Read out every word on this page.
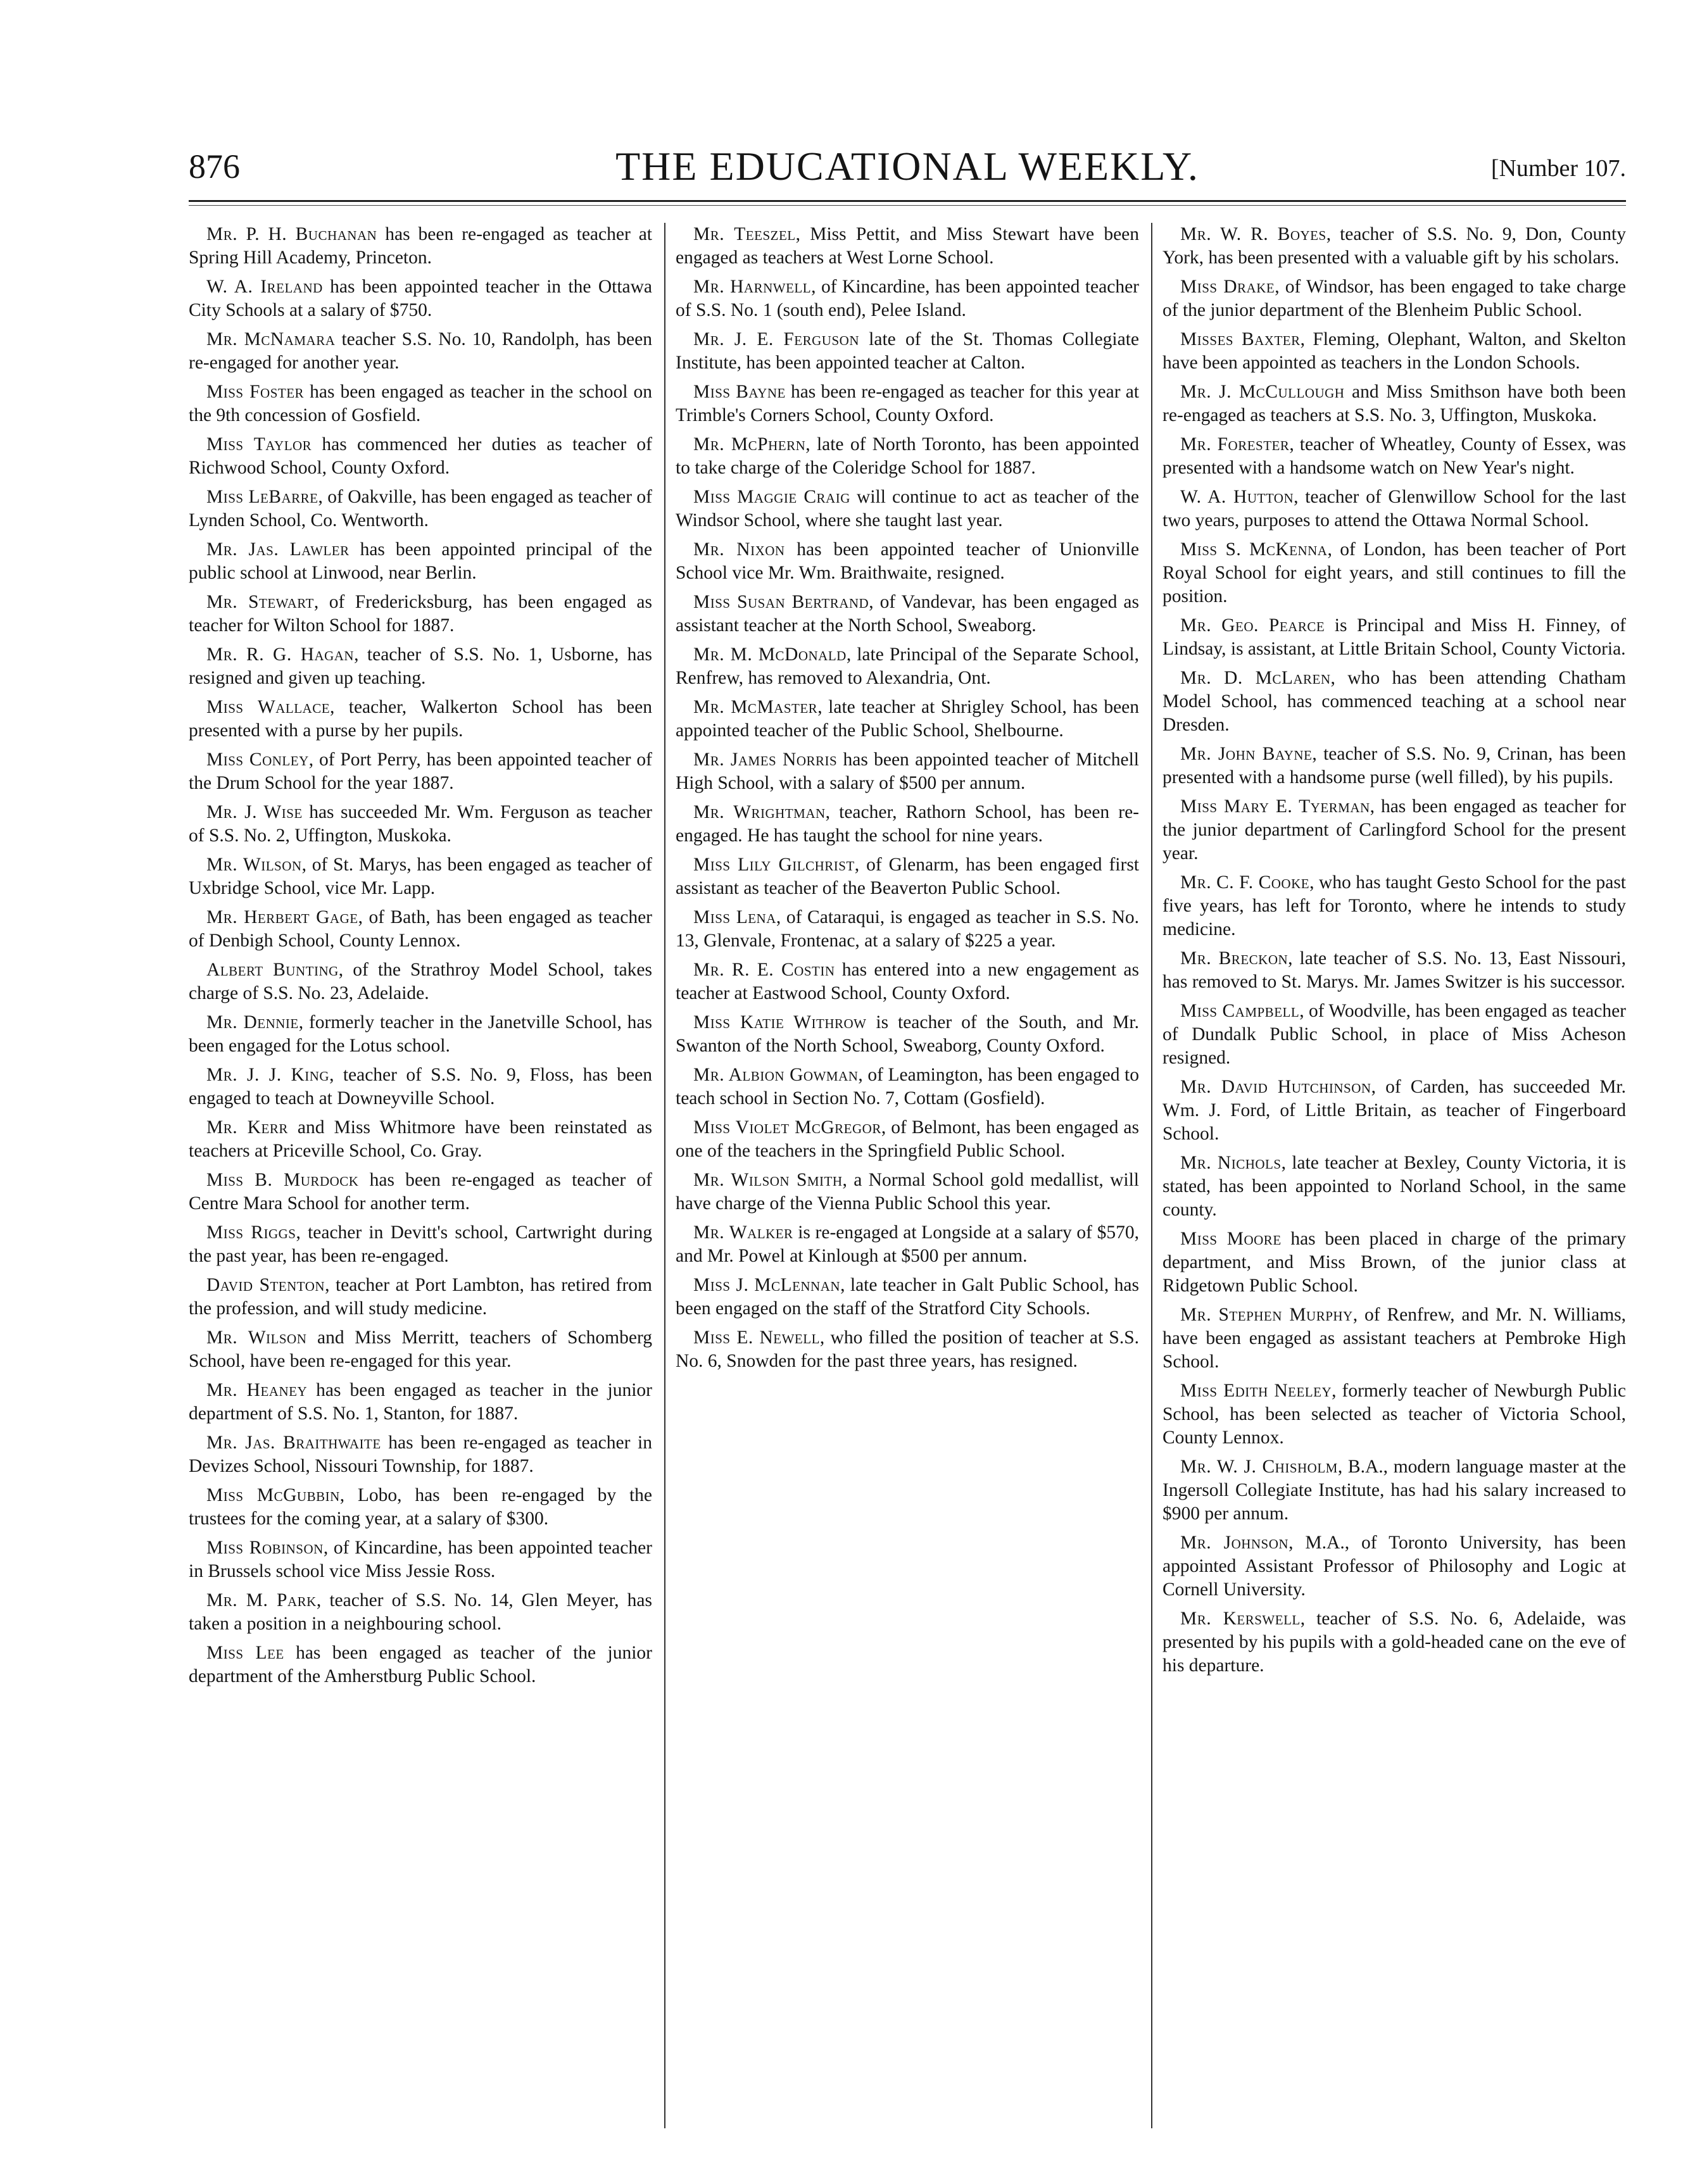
876	THE EDUCATIONAL WEEKLY.	[Number 107.

Mr. P. H. Buchanan has been re-engaged as teacher at Spring Hill Academy, Princeton.

W. A. Ireland has been appointed teacher in the Ottawa City Schools at a salary of $750.

Mr. McNamara teacher S.S. No. 10, Randolph, has been re-engaged for another year.

Miss Foster has been engaged as teacher in the school on the 9th concession of Gosfield.

Miss Taylor has commenced her duties as teacher of Richwood School, County Oxford.

Miss LeBarre, of Oakville, has been engaged as teacher of Lynden School, Co. Wentworth.

Mr. Jas. Lawler has been appointed principal of the public school at Linwood, near Berlin.

Mr. Stewart, of Fredericksburg, has been engaged as teacher for Wilton School for 1887.

Mr. R. G. Hagan, teacher of S.S. No. 1, Usborne, has resigned and given up teaching.

Miss Wallace, teacher, Walkerton School has been presented with a purse by her pupils.

Miss Conley, of Port Perry, has been appointed teacher of the Drum School for the year 1887.

Mr. J. Wise has succeeded Mr. Wm. Ferguson as teacher of S.S. No. 2, Uffington, Muskoka.

Mr. Wilson, of St. Marys, has been engaged as teacher of Uxbridge School, vice Mr. Lapp.

Mr. Herbert Gage, of Bath, has been engaged as teacher of Denbigh School, County Lennox.

Albert Bunting, of the Strathroy Model School, takes charge of S.S. No. 23, Adelaide.

Mr. Dennie, formerly teacher in the Janetville School, has been engaged for the Lotus school.

Mr. J. J. King, teacher of S.S. No. 9, Floss, has been engaged to teach at Downeyville School.

Mr. Kerr and Miss Whitmore have been reinstated as teachers at Priceville School, Co. Gray.

Miss B. Murdock has been re-engaged as teacher of Centre Mara School for another term.

Miss Riggs, teacher in Devitt's school, Cartwright during the past year, has been re-engaged.

David Stenton, teacher at Port Lambton, has retired from the profession, and will study medicine.

Mr. Wilson and Miss Merritt, teachers of Schomberg School, have been re-engaged for this year.

Mr. Heaney has been engaged as teacher in the junior department of S.S. No. 1, Stanton, for 1887.

Mr. Jas. Braithwaite has been re-engaged as teacher in Devizes School, Nissouri Township, for 1887.

Miss McGubbin, Lobo, has been re-engaged by the trustees for the coming year, at a salary of $300.

Miss Robinson, of Kincardine, has been appointed teacher in Brussels school vice Miss Jessie Ross.

Mr. M. Park, teacher of S.S. No. 14, Glen Meyer, has taken a position in a neighbouring school.

Miss Lee has been engaged as teacher of the junior department of the Amherstburg Public School.

Mr. Teeszel, Miss Pettit, and Miss Stewart have been engaged as teachers at West Lorne School.

Mr. Harnwell, of Kincardine, has been appointed teacher of S.S. No. 1 (south end), Pelee Island.

Mr. J. E. Ferguson late of the St. Thomas Collegiate Institute, has been appointed teacher at Calton.

Miss Bayne has been re-engaged as teacher for this year at Trimble's Corners School, County Oxford.

Mr. McPhern, late of North Toronto, has been appointed to take charge of the Coleridge School for 1887.

Miss Maggie Craig will continue to act as teacher of the Windsor School, where she taught last year.

Mr. Nixon has been appointed teacher of Unionville School vice Mr. Wm. Braithwaite, resigned.

Miss Susan Bertrand, of Vandevar, has been engaged as assistant teacher at the North School, Sweaborg.

Mr. M. McDonald, late Principal of the Separate School, Renfrew, has removed to Alexandria, Ont.

Mr. McMaster, late teacher at Shrigley School, has been appointed teacher of the Public School, Shelbourne.

Mr. James Norris has been appointed teacher of Mitchell High School, with a salary of $500 per annum.

Mr. Wrightman, teacher, Rathorn School, has been re-engaged. He has taught the school for nine years.

Miss Lily Gilchrist, of Glenarm, has been engaged first assistant as teacher of the Beaverton Public School.

Miss Lena, of Cataraqui, is engaged as teacher in S.S. No. 13, Glenvale, Frontenac, at a salary of $225 a year.

Mr. R. E. Costin has entered into a new engagement as teacher at Eastwood School, County Oxford.

Miss Katie Withrow is teacher of the South, and Mr. Swanton of the North School, Sweaborg, County Oxford.

Mr. Albion Gowman, of Leamington, has been engaged to teach school in Section No. 7, Cottam (Gosfield).

Miss Violet McGregor, of Belmont, has been engaged as one of the teachers in the Springfield Public School.

Mr. Wilson Smith, a Normal School gold medallist, will have charge of the Vienna Public School this year.

Mr. Walker is re-engaged at Longside at a salary of $570, and Mr. Powel at Kinlough at $500 per annum.

Miss J. McLennan, late teacher in Galt Public School, has been engaged on the staff of the Stratford City Schools.

Miss E. Newell, who filled the position of teacher at S.S. No. 6, Snowden for the past three years, has resigned.

Mr. W. R. Boyes, teacher of S.S. No. 9, Don, County York, has been presented with a valuable gift by his scholars.

Miss Drake, of Windsor, has been engaged to take charge of the junior department of the Blenheim Public School.

Misses Baxter, Fleming, Olephant, Walton, and Skelton have been appointed as teachers in the London Schools.

Mr. J. McCullough and Miss Smithson have both been re-engaged as teachers at S.S. No. 3, Uffington, Muskoka.

Mr. Forester, teacher of Wheatley, County of Essex, was presented with a handsome watch on New Year's night.

W. A. Hutton, teacher of Glenwillow School for the last two years, purposes to attend the Ottawa Normal School.

Miss S. McKenna, of London, has been teacher of Port Royal School for eight years, and still continues to fill the position.

Mr. Geo. Pearce is Principal and Miss H. Finney, of Lindsay, is assistant, at Little Britain School, County Victoria.

Mr. D. McLaren, who has been attending Chatham Model School, has commenced teaching at a school near Dresden.

Mr. John Bayne, teacher of S.S. No. 9, Crinan, has been presented with a handsome purse (well filled), by his pupils.

Miss Mary E. Tyerman, has been engaged as teacher for the junior department of Carlingford School for the present year.

Mr. C. F. Cooke, who has taught Gesto School for the past five years, has left for Toronto, where he intends to study medicine.

Mr. Breckon, late teacher of S.S. No. 13, East Nissouri, has removed to St. Marys. Mr. James Switzer is his successor.

Miss Campbell, of Woodville, has been engaged as teacher of Dundalk Public School, in place of Miss Acheson resigned.

Mr. David Hutchinson, of Carden, has succeeded Mr. Wm. J. Ford, of Little Britain, as teacher of Fingerboard School.

Mr. Nichols, late teacher at Bexley, County Victoria, it is stated, has been appointed to Norland School, in the same county.

Miss Moore has been placed in charge of the primary department, and Miss Brown, of the junior class at Ridgetown Public School.

Mr. Stephen Murphy, of Renfrew, and Mr. N. Williams, have been engaged as assistant teachers at Pembroke High School.

Miss Edith Neeley, formerly teacher of Newburgh Public School, has been selected as teacher of Victoria School, County Lennox.

Mr. W. J. Chisholm, B.A., modern language master at the Ingersoll Collegiate Institute, has had his salary increased to $900 per annum.

Mr. Johnson, M.A., of Toronto University, has been appointed Assistant Professor of Philosophy and Logic at Cornell University.

Mr. Kerswell, teacher of S.S. No. 6, Adelaide, was presented by his pupils with a gold-headed cane on the eve of his departure.
